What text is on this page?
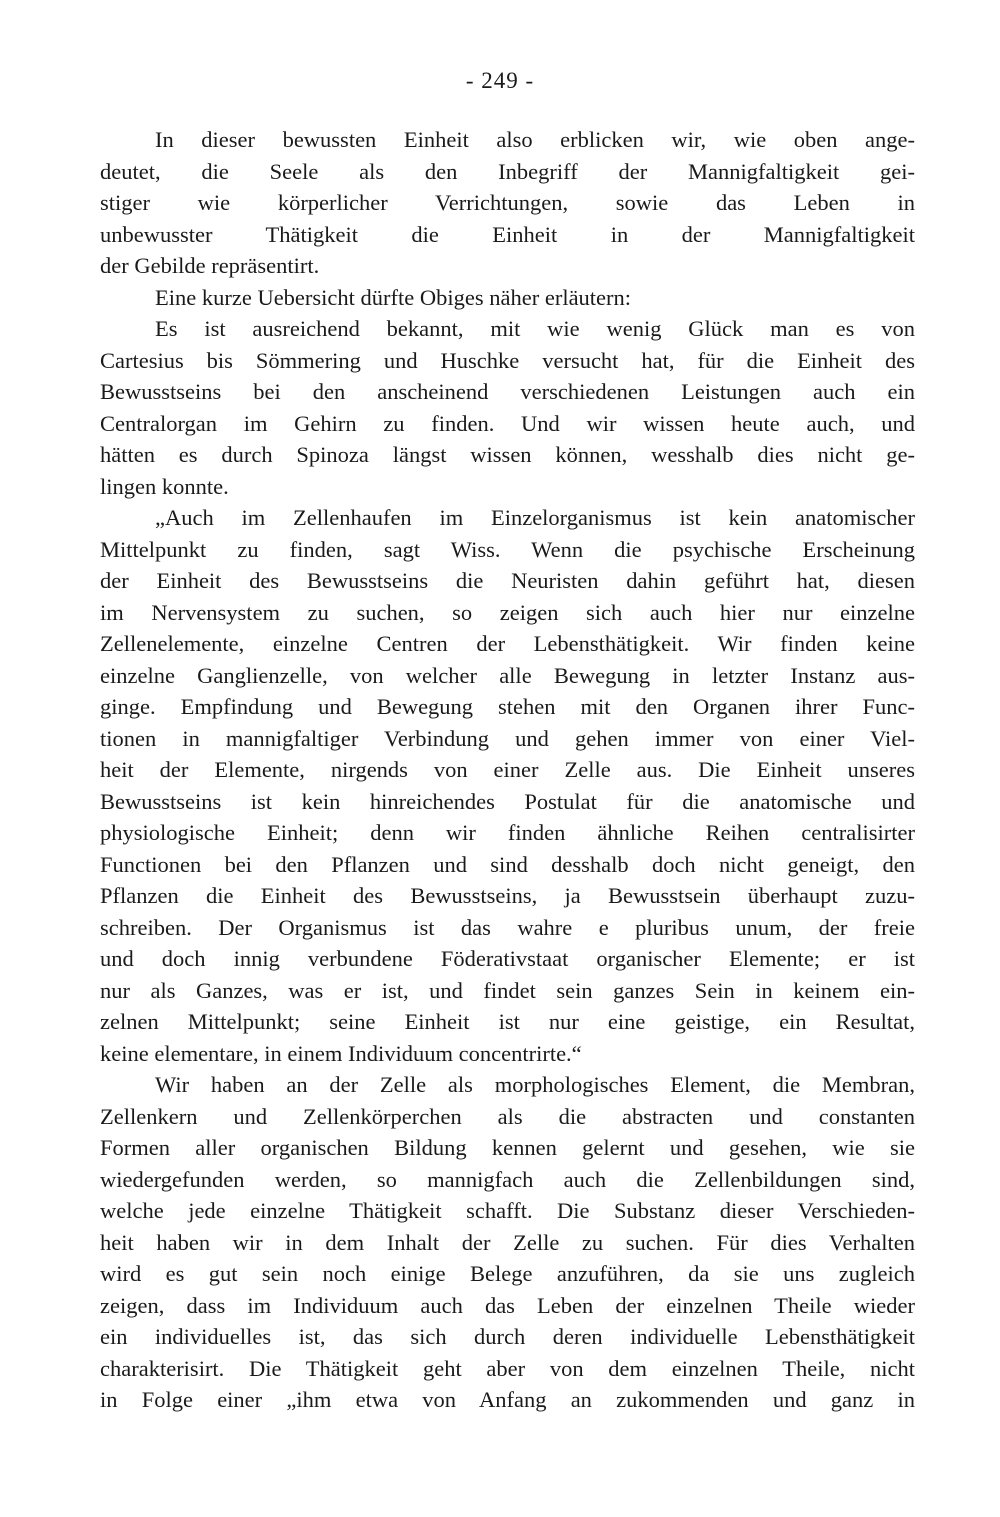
- 249 -
In dieser bewussten Einheit also erblicken wir, wie oben ange-
deutet, die Seele als den Inbegriff der Mannigfaltigkeit gei-
stiger wie körperlicher Verrichtungen, sowie das Leben in
unbewusster Thätigkeit die Einheit in der Mannigfaltigkeit
der Gebilde repräsentirt.
Eine kurze Uebersicht dürfte Obiges näher erläutern:
Es ist ausreichend bekannt, mit wie wenig Glück man es von
Cartesius bis Sömmering und Huschke versucht hat, für die Einheit des
Bewusstseins bei den anscheinend verschiedenen Leistungen auch ein
Centralorgan im Gehirn zu finden. Und wir wissen heute auch, und
hätten es durch Spinoza längst wissen können, wesshalb dies nicht ge-
lingen konnte.
„Auch im Zellenhaufen im Einzelorganismus ist kein anatomischer
Mittelpunkt zu finden, sagt Wiss. Wenn die psychische Erscheinung
der Einheit des Bewusstseins die Neuristen dahin geführt hat, diesen
im Nervensystem zu suchen, so zeigen sich auch hier nur einzelne
Zellenelemente, einzelne Centren der Lebensthätigkeit. Wir finden keine
einzelne Ganglienzelle, von welcher alle Bewegung in letzter Instanz aus-
ginge. Empfindung und Bewegung stehen mit den Organen ihrer Func-
tionen in mannigfaltiger Verbindung und gehen immer von einer Viel-
heit der Elemente, nirgends von einer Zelle aus. Die Einheit unseres
Bewusstseins ist kein hinreichendes Postulat für die anatomische und
physiologische Einheit; denn wir finden ähnliche Reihen centralisirter
Functionen bei den Pflanzen und sind desshalb doch nicht geneigt, den
Pflanzen die Einheit des Bewusstseins, ja Bewusstsein überhaupt zuzu-
schreiben. Der Organismus ist das wahre e pluribus unum, der freie
und doch innig verbundene Föderativstaat organischer Elemente; er ist
nur als Ganzes, was er ist, und findet sein ganzes Sein in keinem ein-
zelnen Mittelpunkt; seine Einheit ist nur eine geistige, ein Resultat,
keine elementare, in einem Individuum concentrirte.“
Wir haben an der Zelle als morphologisches Element, die Membran,
Zellenkern und Zellenkörperchen als die abstracten und constanten
Formen aller organischen Bildung kennen gelernt und gesehen, wie sie
wiedergefunden werden, so mannigfach auch die Zellenbildungen sind,
welche jede einzelne Thätigkeit schafft. Die Substanz dieser Verschieden-
heit haben wir in dem Inhalt der Zelle zu suchen. Für dies Verhalten
wird es gut sein noch einige Belege anzuführen, da sie uns zugleich
zeigen, dass im Individuum auch das Leben der einzelnen Theile wieder
ein individuelles ist, das sich durch deren individuelle Lebensthätigkeit
charakterisirt. Die Thätigkeit geht aber von dem einzelnen Theile, nicht
in Folge einer „ihm etwa von Anfang an zukommenden und ganz in
